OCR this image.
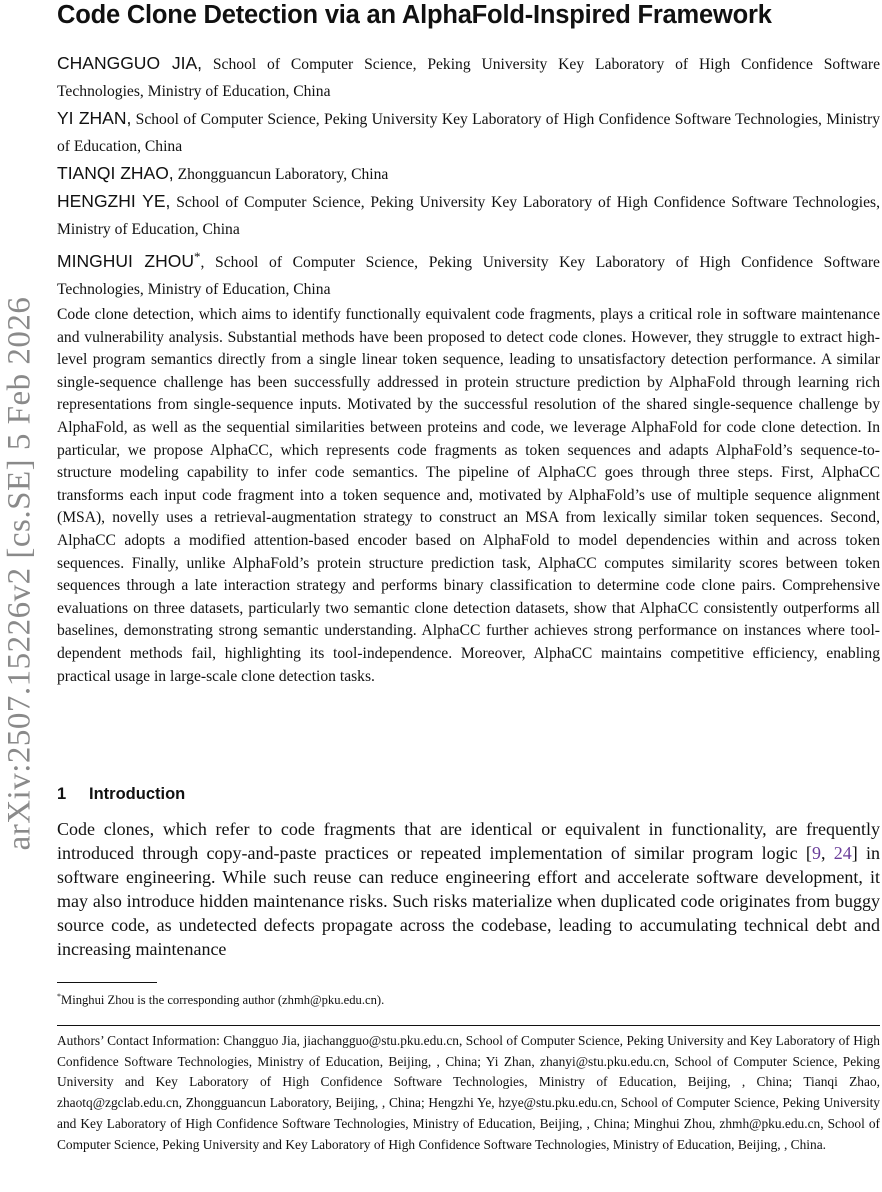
arXiv:2507.15226v2 [cs.SE] 5 Feb 2026
Code Clone Detection via an AlphaFold-Inspired Framework
CHANGGUO JIA, School of Computer Science, Peking University Key Laboratory of High Confidence Software Technologies, Ministry of Education, China
YI ZHAN, School of Computer Science, Peking University Key Laboratory of High Confidence Software Technologies, Ministry of Education, China
TIANQI ZHAO, Zhongguancun Laboratory, China
HENGZHI YE, School of Computer Science, Peking University Key Laboratory of High Confidence Software Technologies, Ministry of Education, China
MINGHUI ZHOU*, School of Computer Science, Peking University Key Laboratory of High Confidence Software Technologies, Ministry of Education, China
Code clone detection, which aims to identify functionally equivalent code fragments, plays a critical role in software maintenance and vulnerability analysis. Substantial methods have been proposed to detect code clones. However, they struggle to extract high-level program semantics directly from a single linear token sequence, leading to unsatisfactory detection performance. A similar single-sequence challenge has been successfully addressed in protein structure prediction by AlphaFold through learning rich representations from single-sequence inputs. Motivated by the successful resolution of the shared single-sequence challenge by AlphaFold, as well as the sequential similarities between proteins and code, we leverage AlphaFold for code clone detection. In particular, we propose AlphaCC, which represents code fragments as token sequences and adapts AlphaFold’s sequence-to-structure modeling capability to infer code semantics. The pipeline of AlphaCC goes through three steps. First, AlphaCC transforms each input code fragment into a token sequence and, motivated by AlphaFold’s use of multiple sequence alignment (MSA), novelly uses a retrieval-augmentation strategy to construct an MSA from lexically similar token sequences. Second, AlphaCC adopts a modified attention-based encoder based on AlphaFold to model dependencies within and across token sequences. Finally, unlike AlphaFold’s protein structure prediction task, AlphaCC computes similarity scores between token sequences through a late interaction strategy and performs binary classification to determine code clone pairs. Comprehensive evaluations on three datasets, particularly two semantic clone detection datasets, show that AlphaCC consistently outperforms all baselines, demonstrating strong semantic understanding. AlphaCC further achieves strong performance on instances where tool-dependent methods fail, highlighting its tool-independence. Moreover, AlphaCC maintains competitive efficiency, enabling practical usage in large-scale clone detection tasks.
1 Introduction
Code clones, which refer to code fragments that are identical or equivalent in functionality, are frequently introduced through copy-and-paste practices or repeated implementation of similar program logic [9, 24] in software engineering. While such reuse can reduce engineering effort and accelerate software development, it may also introduce hidden maintenance risks. Such risks materialize when duplicated code originates from buggy source code, as undetected defects propagate across the codebase, leading to accumulating technical debt and increasing maintenance
*Minghui Zhou is the corresponding author (zhmh@pku.edu.cn).
Authors’ Contact Information: Changguo Jia, jiachangguo@stu.pku.edu.cn, School of Computer Science, Peking University and Key Laboratory of High Confidence Software Technologies, Ministry of Education, Beijing, , China; Yi Zhan, zhanyi@stu.pku.edu.cn, School of Computer Science, Peking University and Key Laboratory of High Confidence Software Technologies, Ministry of Education, Beijing, , China; Tianqi Zhao, zhaotq@zgclab.edu.cn, Zhongguancun Laboratory, Beijing, , China; Hengzhi Ye, hzye@stu.pku.edu.cn, School of Computer Science, Peking University and Key Laboratory of High Confidence Software Technologies, Ministry of Education, Beijing, , China; Minghui Zhou, zhmh@pku.edu.cn, School of Computer Science, Peking University and Key Laboratory of High Confidence Software Technologies, Ministry of Education, Beijing, , China.
